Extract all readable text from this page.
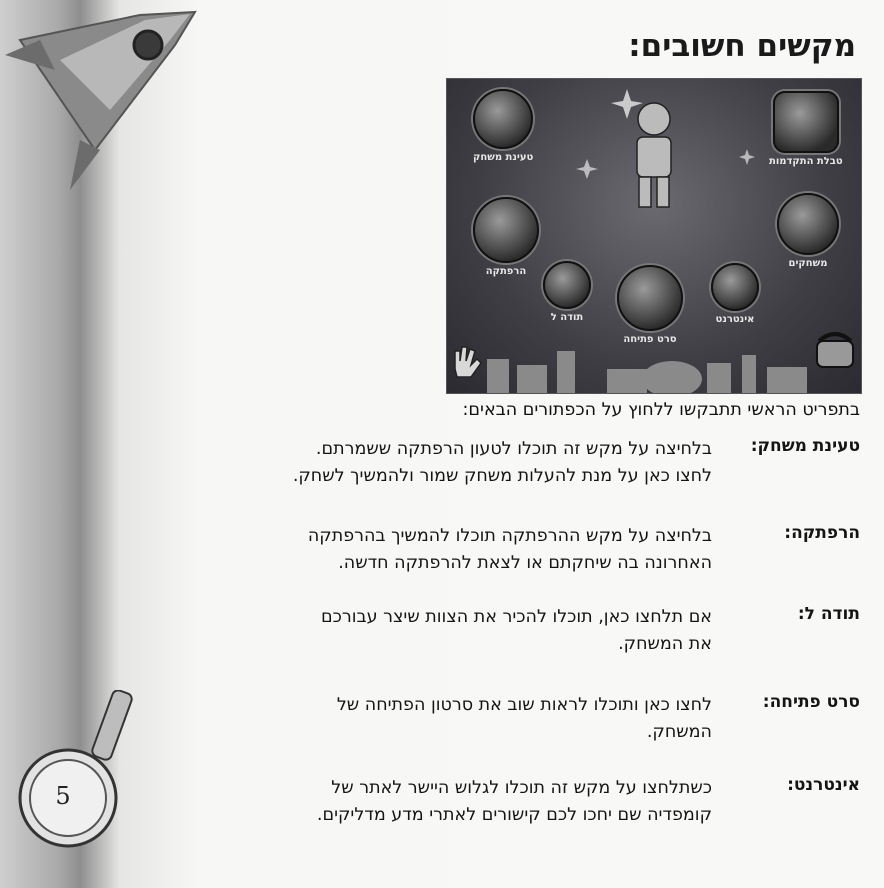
5
מקשים חשובים:
טבלת התקדמות
טעינת משחק
משחקים
הרפתקה
אינטרנט
סרט פתיחה
תודה ל
בתפריט הראשי תתבקשו ללחוץ על הכפתורים הבאים:
טעינת משחק:
בלחיצה על מקש זה תוכלו לטעון הרפתקה ששמרתם.
לחצו כאן על מנת להעלות משחק שמור ולהמשיך לשחק.
הרפתקה:
בלחיצה על מקש ההרפתקה תוכלו להמשיך בהרפתקה
האחרונה בה שיחקתם או לצאת להרפתקה חדשה.
תודה ל:
אם תלחצו כאן, תוכלו להכיר את הצוות שיצר עבורכם
את המשחק.
סרט פתיחה:
לחצו כאן ותוכלו לראות שוב את סרטון הפתיחה של
המשחק.
אינטרנט:
כשתלחצו על מקש זה תוכלו לגלוש היישר לאתר של
קומפדיה שם יחכו לכם קישורים לאתרי מדע מדליקים.
